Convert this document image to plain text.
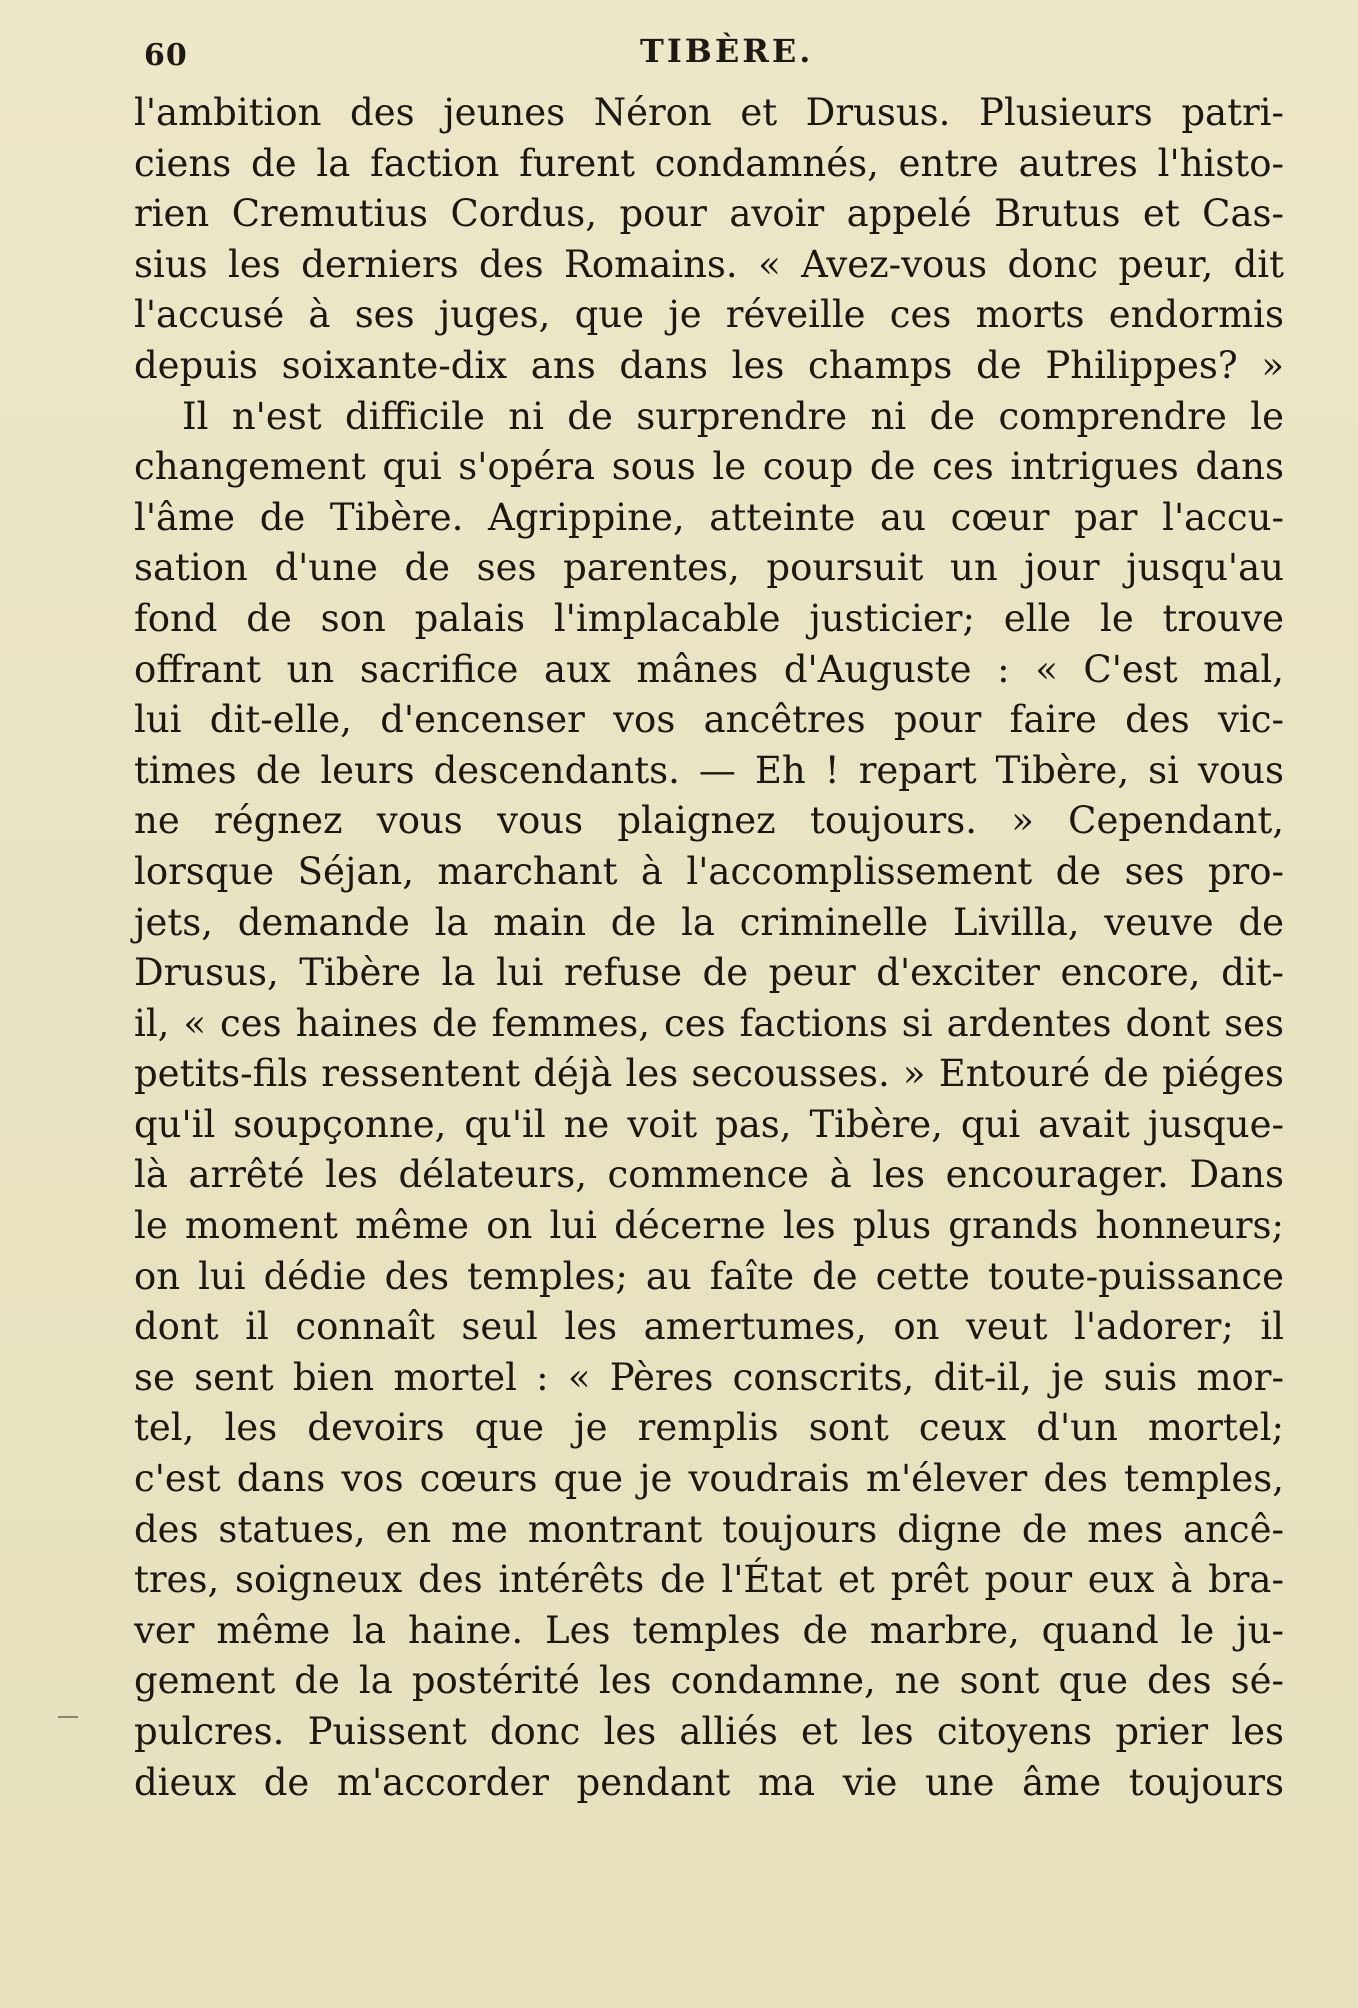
60	TIBÈRE.
l'ambition des jeunes Néron et Drusus. Plusieurs patri-
ciens de la faction furent condamnés, entre autres l'histo-
rien Cremutius Cordus, pour avoir appelé Brutus et Cas-
sius les derniers des Romains. « Avez-vous donc peur, dit
l'accusé à ses juges, que je réveille ces morts endormis
depuis soixante-dix ans dans les champs de Philippes? »
Il n'est difficile ni de surprendre ni de comprendre le
changement qui s'opéra sous le coup de ces intrigues dans
l'âme de Tibère. Agrippine, atteinte au cœur par l'accu-
sation d'une de ses parentes, poursuit un jour jusqu'au
fond de son palais l'implacable justicier; elle le trouve
offrant un sacrifice aux mânes d'Auguste : « C'est mal,
lui dit-elle, d'encenser vos ancêtres pour faire des vic-
times de leurs descendants. — Eh ! repart Tibère, si vous
ne régnez vous vous plaignez toujours. » Cependant,
lorsque Séjan, marchant à l'accomplissement de ses pro-
jets, demande la main de la criminelle Livilla, veuve de
Drusus, Tibère la lui refuse de peur d'exciter encore, dit-
il, « ces haines de femmes, ces factions si ardentes dont ses
petits-fils ressentent déjà les secousses. » Entouré de piéges
qu'il soupçonne, qu'il ne voit pas, Tibère, qui avait jusque-
là arrêté les délateurs, commence à les encourager. Dans
le moment même on lui décerne les plus grands honneurs;
on lui dédie des temples; au faîte de cette toute-puissance
dont il connaît seul les amertumes, on veut l'adorer; il
se sent bien mortel : « Pères conscrits, dit-il, je suis mor-
tel, les devoirs que je remplis sont ceux d'un mortel;
c'est dans vos cœurs que je voudrais m'élever des temples,
des statues, en me montrant toujours digne de mes ancê-
tres, soigneux des intérêts de l'État et prêt pour eux à bra-
ver même la haine. Les temples de marbre, quand le ju-
gement de la postérité les condamne, ne sont que des sé-
pulcres. Puissent donc les alliés et les citoyens prier les
dieux de m'accorder pendant ma vie une âme toujours
